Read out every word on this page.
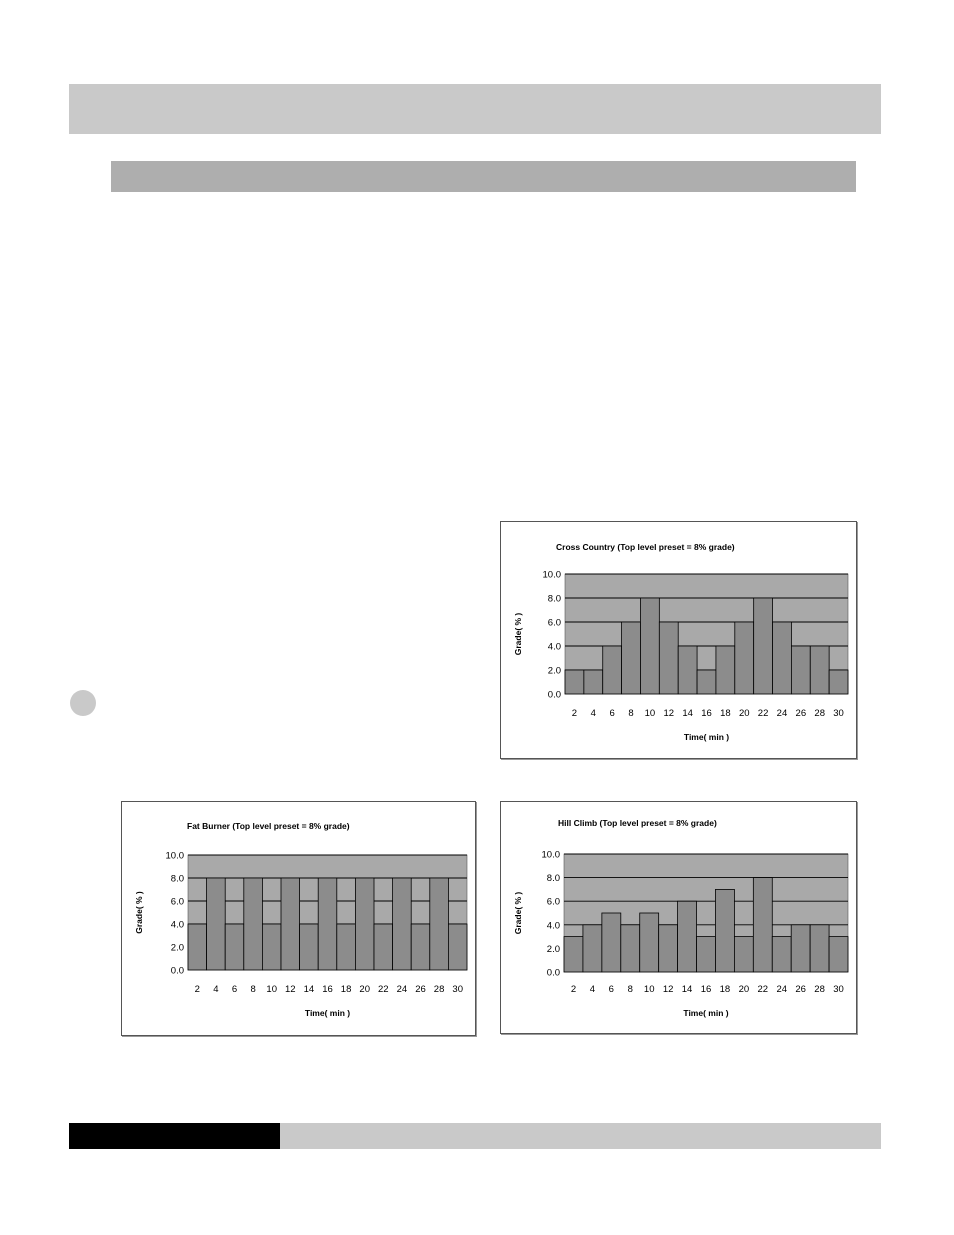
Cross Country (Top level preset = 8% grade)
0.0
2.0
4.0
6.0
8.0
10.0
2 4 6 8 10 12 14 16 18 20 22 24 26 28 30
Time( min )
Grade( % )
Fat Burner (Top level preset = 8% grade)
0.0
2.0
4.0
6.0
8.0
10.0
2 4 6 8 10 12 14 16 18 20 22 24 26 28 30
Time( min )
Grade( % )
Hill Climb (Top level preset = 8% grade)
0.0
2.0
4.0
6.0
8.0
10.0
2 4 6 8 10 12 14 16 18 20 22 24 26 28 30
Time( min )
Grade( % )
